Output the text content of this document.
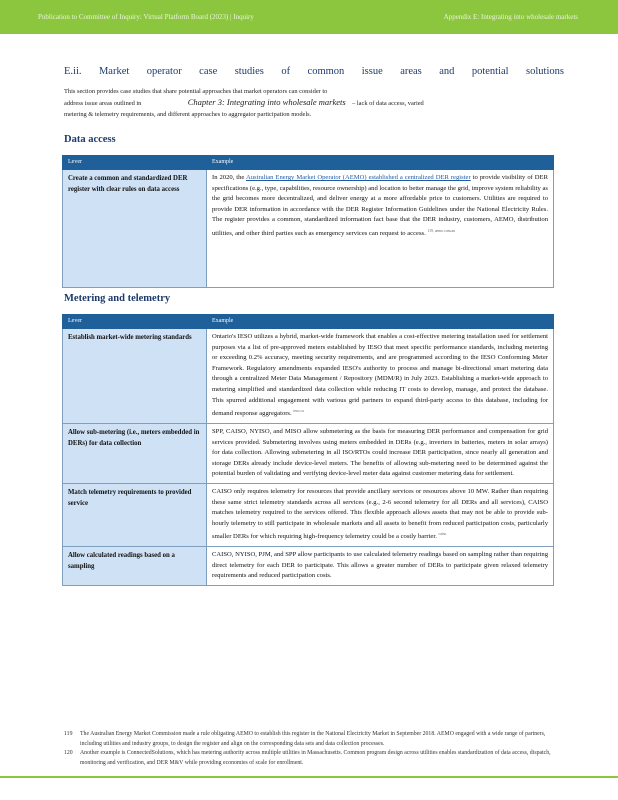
Publication to Committee of Inquiry: Virtual Platform Board (2023) | Inquiry	Appendix E: Integrating into wholesale markets
E.ii. Market operator case studies of common issue areas and potential solutions
This section provides case studies that share potential approaches that market operators can consider to
address issue areas outlined in	Chapter 3: Integrating into wholesale markets – lack of data access, varied
metering & telemetry requirements, and different approaches to aggregator participation models.
Data access
Lever	Example
Create a common and standardized DER register with clear rules on data access	In 2020, the Australian Energy Market Operator (AEMO) established a centralized DER register to provide visibility of DER specifications (e.g., type, capabilities, resource ownership) and location to better manage the grid, improve system reliability as the grid becomes more decentralized, and deliver energy at a more affordable price to customers. Utilities are required to provide DER information in accordance with the DER Register Information Guidelines under the National Electricity Rules. The register provides a common, standardized information fact base that the DER industry, customers, AEMO, distribution utilities, and other third parties such as emergency services can request to access. $^{119, aemo.com.au}$
Metering and telemetry
Lever	Example
Establish market-wide metering standards	Ontario's IESO utilizes a hybrid, market-wide framework that enables a cost-effective metering installation used for settlement purposes via a list of pre-approved meters established by IESO that meet specific performance standards, including metering or exceeding 0.2% accuracy, meeting security requirements, and are programmed according to the IESO Conforming Meter Framework. Regulatory amendments expanded IESO's authority to process and manage bi-directional smart metering data through a centralized Meter Data Management / Repository (MDM/R) in July 2023. Establishing a market-wide approach to metering simplified and standardized data collection while reducing IT costs to develop, manage, and protect the database. This spurred additional engagement with various grid partners to expand third-party access to this database, including for demand response aggregators. $^{ieso.ca}$
Allow sub-metering (i.e., meters embedded in DERs) for data collection	SPP, CAISO, NYISO, and MISO allow submetering as the basis for measuring DER performance and compensation for grid services provided. Submetering involves using meters embedded in DERs (e.g., inverters in batteries, meters in solar arrays) for data collection. Allowing submetering in all ISO/RTOs could increase DER participation, since nearly all generation and storage DERs already include device-level meters. The benefits of allowing sub-metering need to be determined against the potential burden of validating and verifying device-level meter data against customer metering data for settlement.
Match telemetry requirements to provided service	CAISO only requires telemetry for resources that provide ancillary services or resources above 10 MW. Rather than requiring these same strict telemetry standards across all services (e.g., 2-6 second telemetry for all DERs and all services), CAISO matches telemetry required to the services offered. This flexible approach allows assets that may not be able to provide sub-hourly telemetry to still participate in wholesale markets and all assets to benefit from reduced participation costs, particularly smaller DERs for which requiring high-frequency telemetry could be a costly barrier. $^{caiso}$
Allow calculated readings based on a sampling	CAISO, NYISO, PJM, and SPP allow participants to use calculated telemetry readings based on sampling rather than requiring direct telemetry for each DER to participate. This allows a greater number of DERs to participate given relaxed telemetry requirements and reduced participation costs.
119	The Australian Energy Market Commission made a rule obligating AEMO to establish this register in the National Electricity Market in September 2018. AEMO engaged with a wide range of partners, including utilities and industry groups, to design the register and align on the corresponding data sets and data collection processes.
120	Another example is ConnectedSolutions, which has metering authority across multiple utilities in Massachusetts. Common program design across utilities enables standardization of data access, dispatch, monitoring and verification, and DER M&V while providing economies of scale for enrollment.
